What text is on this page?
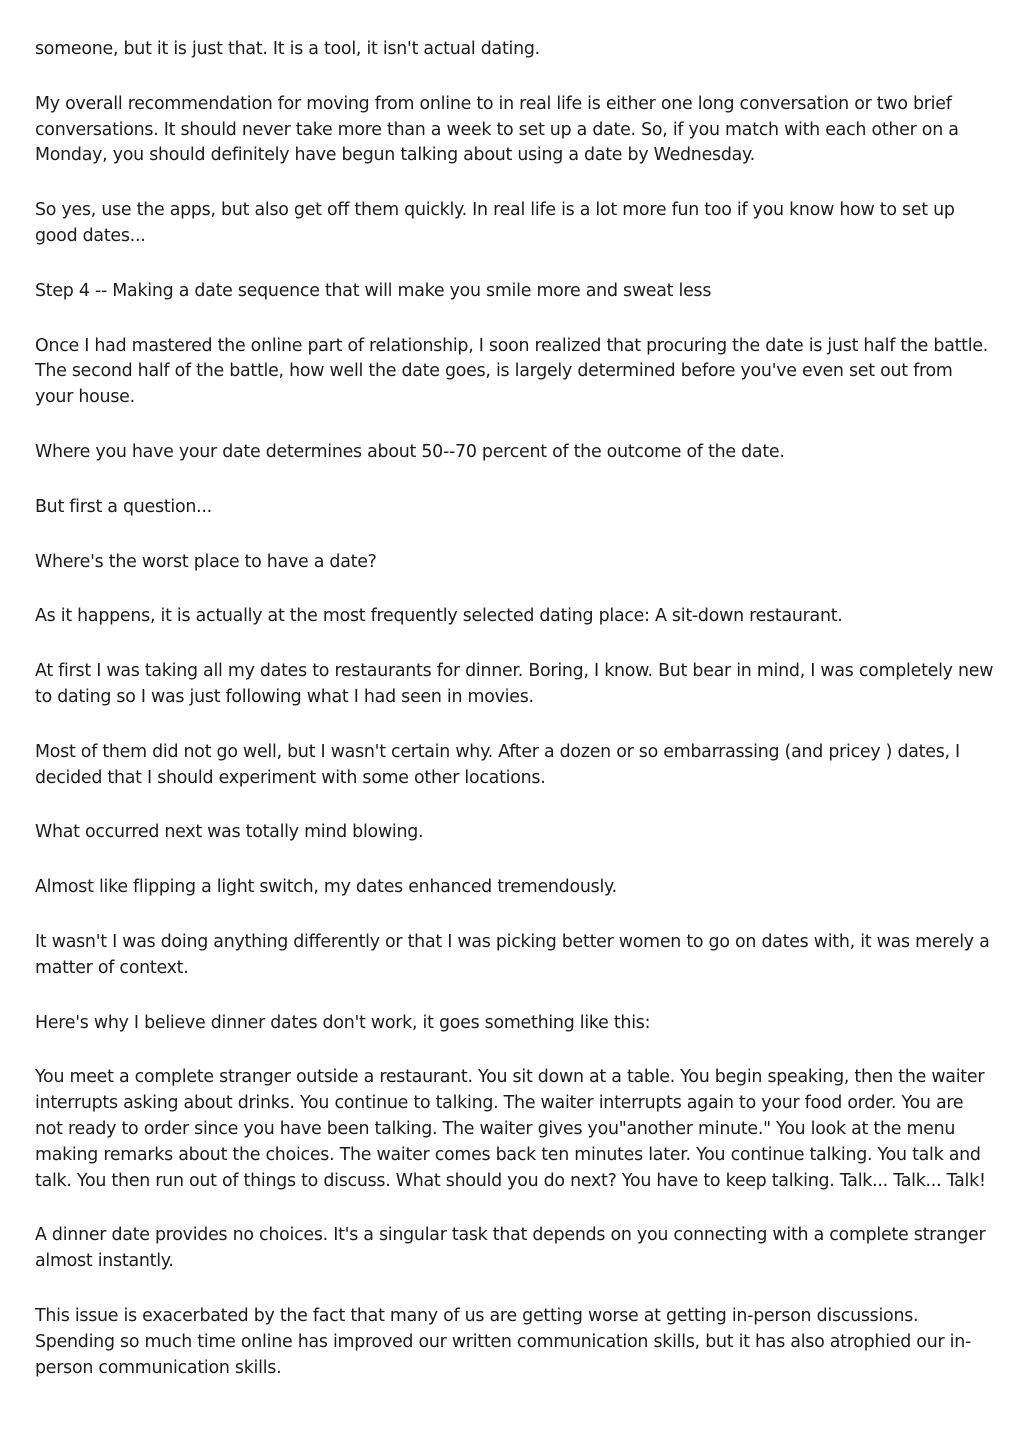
someone, but it is just that. It is a tool, it isn't actual dating.

My overall recommendation for moving from online to in real life is either one long conversation or two brief conversations. It should never take more than a week to set up a date. So, if you match with each other on a Monday, you should definitely have begun talking about using a date by Wednesday.

So yes, use the apps, but also get off them quickly. In real life is a lot more fun too if you know how to set up good dates...

Step 4 -- Making a date sequence that will make you smile more and sweat less

Once I had mastered the online part of relationship, I soon realized that procuring the date is just half the battle. The second half of the battle, how well the date goes, is largely determined before you've even set out from your house.

Where you have your date determines about 50--70 percent of the outcome of the date.

But first a question...

Where's the worst place to have a date?

As it happens, it is actually at the most frequently selected dating place: A sit-down restaurant.

At first I was taking all my dates to restaurants for dinner. Boring, I know. But bear in mind, I was completely new to dating so I was just following what I had seen in movies.

Most of them did not go well, but I wasn't certain why. After a dozen or so embarrassing (and pricey ) dates, I decided that I should experiment with some other locations.

What occurred next was totally mind blowing.

Almost like flipping a light switch, my dates enhanced tremendously.

It wasn't I was doing anything differently or that I was picking better women to go on dates with, it was merely a matter of context.

Here's why I believe dinner dates don't work, it goes something like this:

You meet a complete stranger outside a restaurant. You sit down at a table. You begin speaking, then the waiter interrupts asking about drinks. You continue to talking. The waiter interrupts again to your food order. You are not ready to order since you have been talking. The waiter gives you"another minute." You look at the menu making remarks about the choices. The waiter comes back ten minutes later. You continue talking. You talk and talk. You then run out of things to discuss. What should you do next? You have to keep talking. Talk... Talk... Talk!

A dinner date provides no choices. It's a singular task that depends on you connecting with a complete stranger almost instantly.

This issue is exacerbated by the fact that many of us are getting worse at getting in-person discussions. Spending so much time online has improved our written communication skills, but it has also atrophied our in-person communication skills.
